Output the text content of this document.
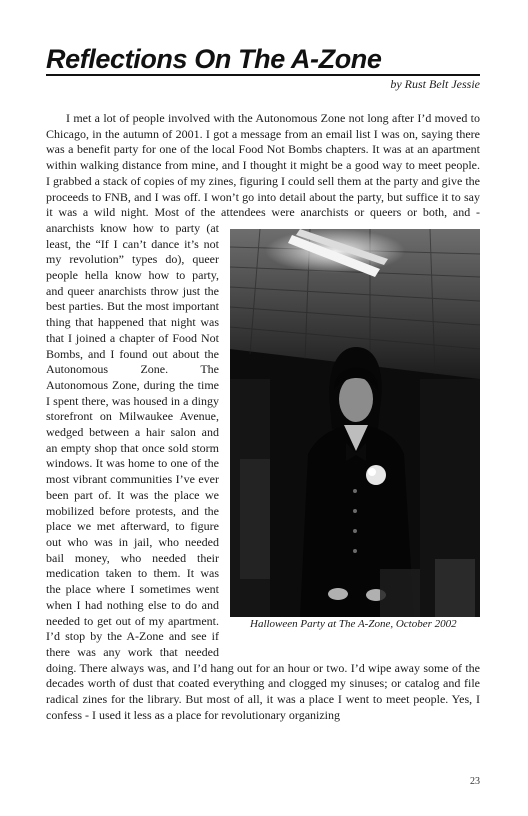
Reflections On The A-Zone

by Rust Belt Jessie

Halloween Party at The A-Zone, October 2002

I met a lot of people involved with the Autonomous Zone not long after I’d moved to Chicago, in the autumn of 2001. I got a message from an email list I was on, saying there was a benefit party for one of the local Food Not Bombs chapters. It was at an apartment within walking distance from mine, and I thought it might be a good way to meet people. I grabbed a stack of copies of my zines, figuring I could sell them at the party and give the proceeds to FNB, and I was off. I won’t go into detail about the party, but suffice it to say it was a wild night. Most of the attendees were anarchists or queers or both, and - anarchists know how to party (at least, the “If I can’t dance it’s not my revolution” types do), queer people hella know how to party, and queer anarchists throw just the best parties. But the most important thing that happened that night was that I joined a chapter of Food Not Bombs, and I found out about the Autonomous Zone. The Autonomous Zone, during the time I spent there, was housed in a dingy storefront on Milwaukee Avenue, wedged between a hair salon and an empty shop that once sold storm windows. It was home to one of the most vibrant communities I’ve ever been part of. It was the place we mobilized before protests, and the place we met afterward, to figure out who was in jail, who needed bail money, who needed their medication taken to them. It was the place where I sometimes went when I had nothing else to do and needed to get out of my apartment. I’d stop by the A-Zone and see if there was any work that needed doing. There always was, and I’d hang out for an hour or two. I’d wipe away some of the decades worth of dust that coated everything and clogged my sinuses; or catalog and file radical zines for the library. But most of all, it was a place I went to meet people. Yes, I confess - I used it less as a place for revolutionary organizing

23
